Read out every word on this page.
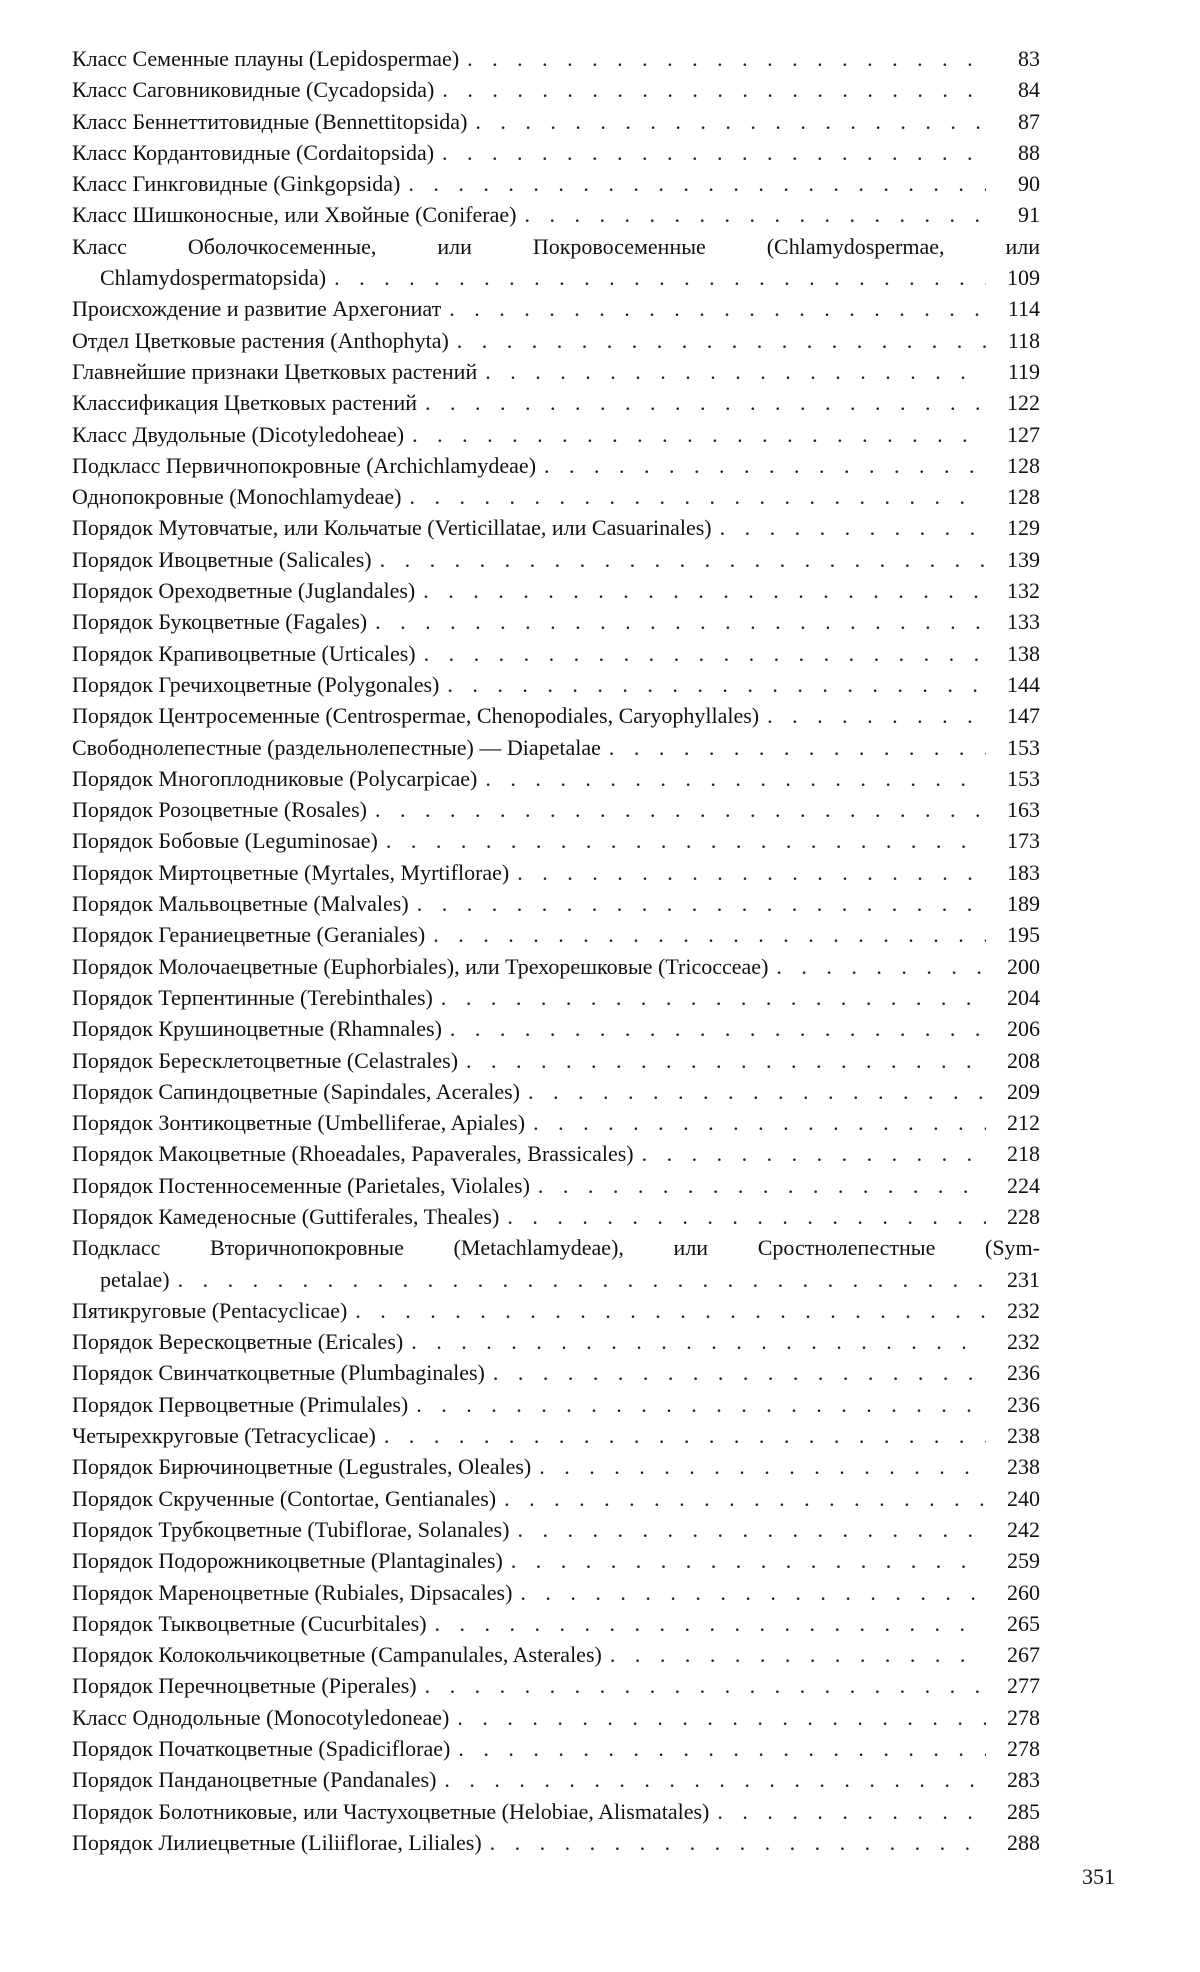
Класс Семенные плауны (Lepidospermae) . . .	83
Класс Саговниковидные (Cycadopsida) . . .	84
Класс Беннеттитовидные (Bennettitopsida) . . .	87
Класс Кордантовидные (Cordaitopsida) . . .	88
Класс Гинкговидные (Ginkgopsida) . . .	90
Класс Шишконосные, или Хвойные (Coniferae) . . .	91
Класс Оболочкосеменные, или Покровосеменные (Chlamydospermae, или
Chlamydospermatopsida) . . .	109
Происхождение и развитие Архегониат . . .	114
Отдел Цветковые растения (Anthophyta) . . .	118
Главнейшие признаки Цветковых растений . . .	119
Классификация Цветковых растений . . .	122
Класс Двудольные (Dicotyledoheae) . . .	127
Подкласс Первичнопокровные (Archichlamydeae) . . .	128
Однопокровные (Monochlamydeae) . . .	128
Порядок Мутовчатые, или Кольчатые (Verticillatae, или Casuarinales) . . .	129
Порядок Ивоцветные (Salicales) . . .	139
Порядок Ореходветные (Juglandales) . . .	132
Порядок Букоцветные (Fagales) . . .	133
Порядок Крапивоцветные (Urticales) . . .	138
Порядок Гречихоцветные (Polygonales) . . .	144
Порядок Центросеменные (Centrospermae, Chenopodiales, Caryophyllales) . . .	147
Свободнолепестные (раздельнолепестные) — Diapetalae . . .	153
Порядок Многоплодниковые (Polycarpicae) . . .	153
Порядок Розоцветные (Rosales) . . .	163
Порядок Бобовые (Leguminosae) . . .	173
Порядок Миртоцветные (Myrtales, Myrtiflorae) . . .	183
Порядок Мальвоцветные (Malvales) . . .	189
Порядок Гераниецветные (Geraniales) . . .	195
Порядок Молочаецветные (Euphorbiales), или Трехорешковые (Tricocceae) . . .	200
Порядок Терпентинные (Terebinthales) . . .	204
Порядок Крушиноцветные (Rhamnales) . . .	206
Порядок Бересклетоцветные (Celastrales) . . .	208
Порядок Сапиндоцветные (Sapindales, Acerales) . . .	209
Порядок Зонтикоцветные (Umbelliferae, Apiales) . . .	212
Порядок Макоцветные (Rhoeadales, Papaverales, Brassicales) . . .	218
Порядок Постенносеменные (Parietales, Violales) . . .	224
Порядок Камеденосные (Guttiferales, Theales) . . .	228
Подкласс Вторичнопокровные (Metachlamydeae), или Сростнолепестные (Sym-
petalae) . . .	231
Пятикруговые (Pentacyclicae) . . .	232
Порядок Верескоцветные (Ericales) . . .	232
Порядок Свинчаткоцветные (Plumbaginales) . . .	236
Порядок Первоцветные (Primulales) . . .	236
Четырехкруговые (Tetracyclicae) . . .	238
Порядок Бирючиноцветные (Legustrales, Oleales) . . .	238
Порядок Скрученные (Contortae, Gentianales) . . .	240
Порядок Трубкоцветные (Tubiflorae, Solanales) . . .	242
Порядок Подорожникоцветные (Plantaginales) . . .	259
Порядок Мареноцветные (Rubiales, Dipsacales) . . .	260
Порядок Тыквоцветные (Cucurbitales) . . .	265
Порядок Колокольчикоцветные (Campanulales, Asterales) . . .	267
Порядок Перечноцветные (Piperales) . . .	277
Класс Однодольные (Monocotyledoneae) . . .	278
Порядок Початкоцветные (Spadiciflorae) . . .	278
Порядок Панданоцветные (Pandanales) . . .	283
Порядок Болотниковые, или Частухоцветные (Helobiae, Alismatales) . . .	285
Порядок Лилиецветные (Liliiflorae, Liliales) . . .	288
351
